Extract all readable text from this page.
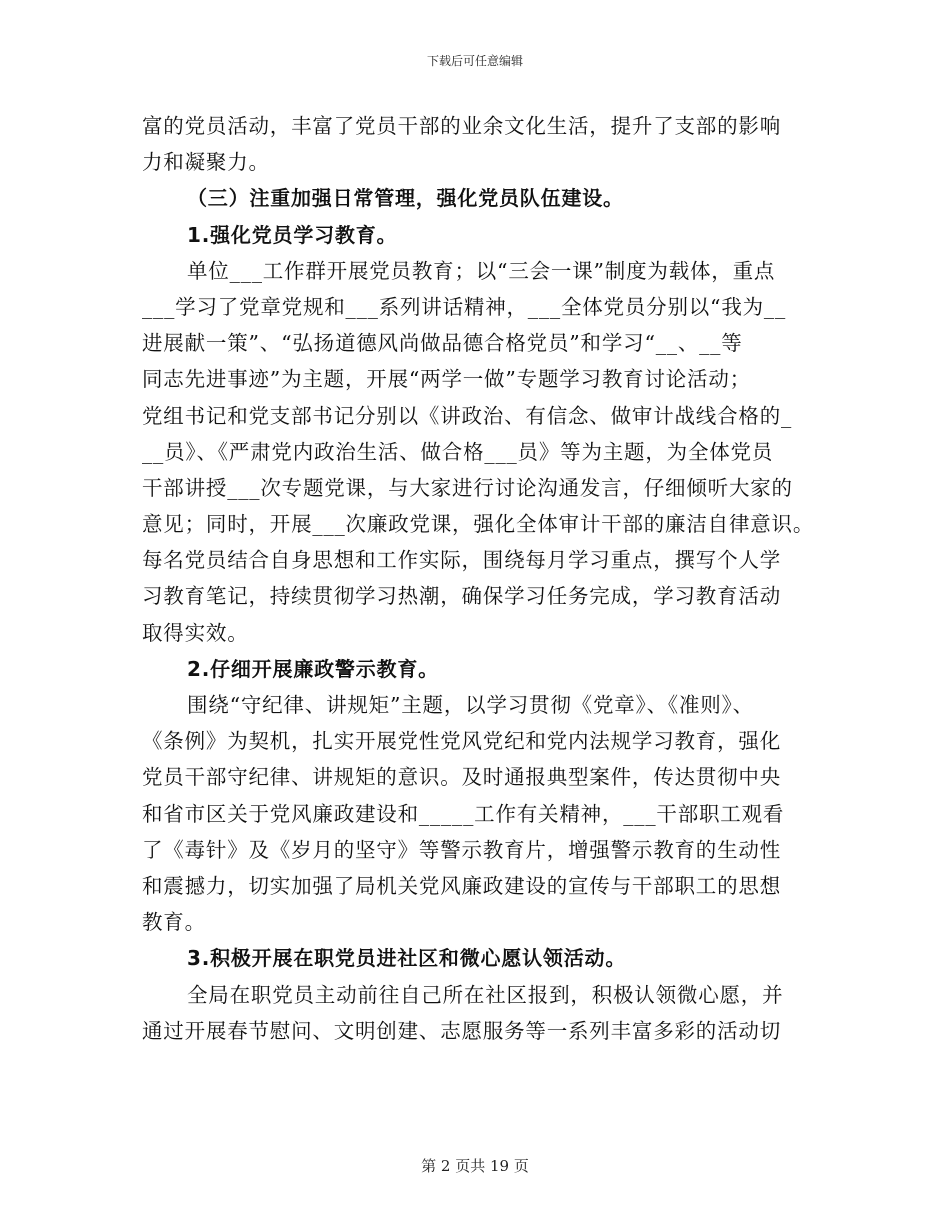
下载后可任意编辑
富的党员活动，丰富了党员干部的业余文化生活，提升了支部的影响
力和凝聚力。
（三）注重加强日常管理，强化党员队伍建设。
1.强化党员学习教育。
单位___工作群开展党员教育；以“三会一课”制度为载体，重点
___学习了党章党规和___系列讲话精神，___全体党员分别以“我为__
进展献一策”、“弘扬道德风尚做品德合格党员”和学习“__、__等
同志先进事迹”为主题，开展“两学一做”专题学习教育讨论活动；
党组书记和党支部书记分别以《讲政治、有信念、做审计战线合格的_
__员》、《严肃党内政治生活、做合格___员》等为主题，为全体党员
干部讲授___次专题党课，与大家进行讨论沟通发言，仔细倾听大家的
意见；同时，开展___次廉政党课，强化全体审计干部的廉洁自律意识。
每名党员结合自身思想和工作实际，围绕每月学习重点，撰写个人学
习教育笔记，持续贯彻学习热潮，确保学习任务完成，学习教育活动
取得实效。
2.仔细开展廉政警示教育。
围绕“守纪律、讲规矩”主题，以学习贯彻《党章》、《准则》、
《条例》为契机，扎实开展党性党风党纪和党内法规学习教育，强化
党员干部守纪律、讲规矩的意识。及时通报典型案件，传达贯彻中央
和省市区关于党风廉政建设和_____工作有关精神，___干部职工观看
了《毒针》及《岁月的坚守》等警示教育片，增强警示教育的生动性
和震撼力，切实加强了局机关党风廉政建设的宣传与干部职工的思想
教育。
3.积极开展在职党员进社区和微心愿认领活动。
全局在职党员主动前往自己所在社区报到，积极认领微心愿，并
通过开展春节慰问、文明创建、志愿服务等一系列丰富多彩的活动切
第 2 页共 19 页
